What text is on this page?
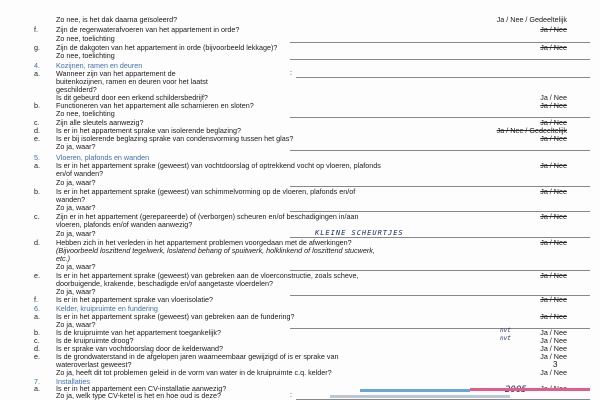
Zo nee, is het dak daarna geïsoleerd?	Ja / Nee / Gedeeltelijk
f.	Zijn de regenwaterafvoeren van het appartement in orde?	Ja / Nee
Zo nee, toelichting
g. Zijn de dakgoten van het appartement in orde (bijvoorbeeld lekkage)?	Ja / Nee
Zo nee, toelichting
4. Kozijnen, ramen en deuren
a. Wanneer zijn van het appartement de	:
buitenkozijnen, ramen en deuren voor het laatst
geschilderd?
Is dit gebeurd door een erkend schildersbedrijf?	Ja / Nee
b. Functioneren van het appartement alle scharnieren en sloten?	Ja / Nee
Zo nee, toelichting
c. Zijn alle sleutels aanwezig?	Ja / Nee
d. Is er in het appartement sprake van isolerende beglazing?	Ja / Nee / Gedeeltelijk
e. Is er bij isolerende beglazing sprake van condensvorming tussen het glas?	Ja / Nee
Zo ja, waar?
5. Vloeren, plafonds en wanden
a. Is er in het appartement sprake (geweest) van vochtdoorslag of optrekkend vocht op vloeren, plafonds	Ja / Nee
en/of wanden?
Zo ja, waar?
b. Is er in het appartement sprake (geweest) van schimmelvorming op de vloeren, plafonds en/of	Ja / Nee
wanden?
Zo ja, waar?
c. Zijn er in het appartement (gerepareerde) of (verborgen) scheuren en/of beschadigingen in/aan	Ja / Nee
vloeren, plafonds en/of wanden aanwezig?
Zo ja, waar?
d. Hebben zich in het verleden in het appartement problemen voorgedaan met de afwerkingen?	Ja / Nee
(Bijvoorbeeld loszittend tegelwerk, loslatend behang of spuitwerk, holklinkend of loszittend stucwerk,
etc.)
Zo ja, waar?
e. Is er in het appartement sprake (geweest) van gebreken aan de vloerconstructie, zoals scheve,	Ja / Nee
doorbuigende, krakende, beschadigde en/of aangetaste vloerdelen?
Zo ja, waar?
f.	Is er in het appartement sprake van vloerisolatie?	Ja / Nee
6. Kelder, kruipruimte en fundering
a. Is er in het appartement sprake (geweest) van gebreken aan de fundering?	Ja / Nee
Zo ja, waar?
b. Is de kruipruimte van het appartement toegankelijk?	Ja / Nee
c. Is de kruipruimte droog?	Ja / Nee
d. Is er sprake van vochtdoorslag door de kelderwand?	Ja / Nee
e. Is de grondwaterstand in de afgelopen jaren waarneembaar gewijzigd of is er sprake van	Ja / Nee
wateroverlast geweest?
Zo ja, heeft dit tot problemen geleid in de vorm van water in de kruipruimte c.q. kelder?	Ja / Nee
7. Installaties
a. Is er in het appartement een CV-installatie aanwezig?
Zo ja, welk type CV-ketel is het en hoe oud is deze?	:
KLEINE SCHEURTJES
nvt
nvt
3
